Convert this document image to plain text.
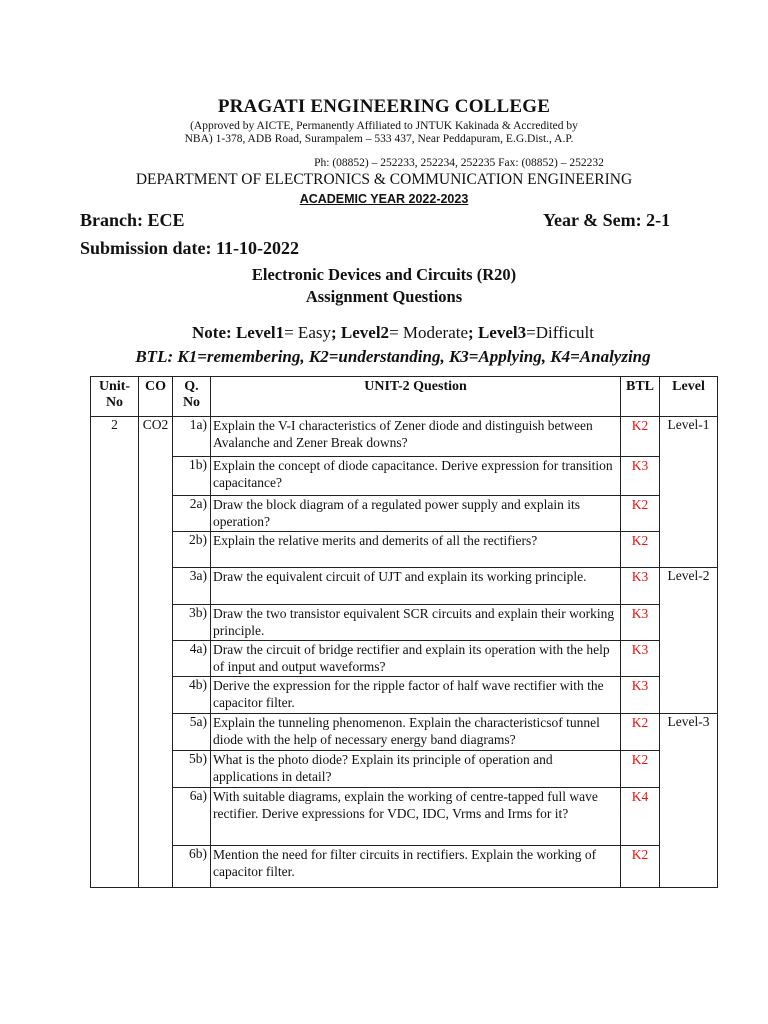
PRAGATI ENGINEERING COLLEGE
(Approved by AICTE, Permanently Affiliated to JNTUK Kakinada & Accredited by
NBA) 1-378, ADB Road, Surampalem – 533 437, Near Peddapuram, E.G.Dist., A.P.
Ph: (08852) – 252233, 252234, 252235 Fax: (08852) – 252232
DEPARTMENT OF ELECTRONICS & COMMUNICATION ENGINEERING
ACADEMIC YEAR 2022-2023
Branch: ECE	Year & Sem: 2-1
Submission date: 11-10-2022
Electronic Devices and Circuits (R20)
Assignment Questions
Note: Level1= Easy; Level2= Moderate; Level3=Difficult
BTL: K1=remembering, K2=understanding, K3=Applying, K4=Analyzing
Unit-No	CO	Q. No	UNIT-2 Question	BTL	Level
2	CO2	1a)	Explain the V-I characteristics of Zener diode and distinguish between Avalanche and Zener Break downs?	K2	Level-1
		1b)	Explain the concept of diode capacitance. Derive expression for transition capacitance?	K3	
		2a)	Draw the block diagram of a regulated power supply and explain its operation?	K2	
		2b)	Explain the relative merits and demerits of all the rectifiers?	K2	
		3a)	Draw the equivalent circuit of UJT and explain its working principle.	K3	Level-2
		3b)	Draw the two transistor equivalent SCR circuits and explain their working principle.	K3	
		4a)	Draw the circuit of bridge rectifier and explain its operation with the help of input and output waveforms?	K3	
		4b)	Derive the expression for the ripple factor of half wave rectifier with the capacitor filter.	K3	
		5a)	Explain the tunneling phenomenon. Explain the characteristicsof tunnel diode with the help of necessary energy band diagrams?	K2	Level-3
		5b)	What is the photo diode? Explain its principle of operation and applications in detail?	K2	
		6a)	With suitable diagrams, explain the working of centre-tapped full wave rectifier. Derive expressions for VDC, IDC, Vrms and Irms for it?	K4	
		6b)	Mention the need for filter circuits in rectifiers. Explain the working of capacitor filter.	K2	
